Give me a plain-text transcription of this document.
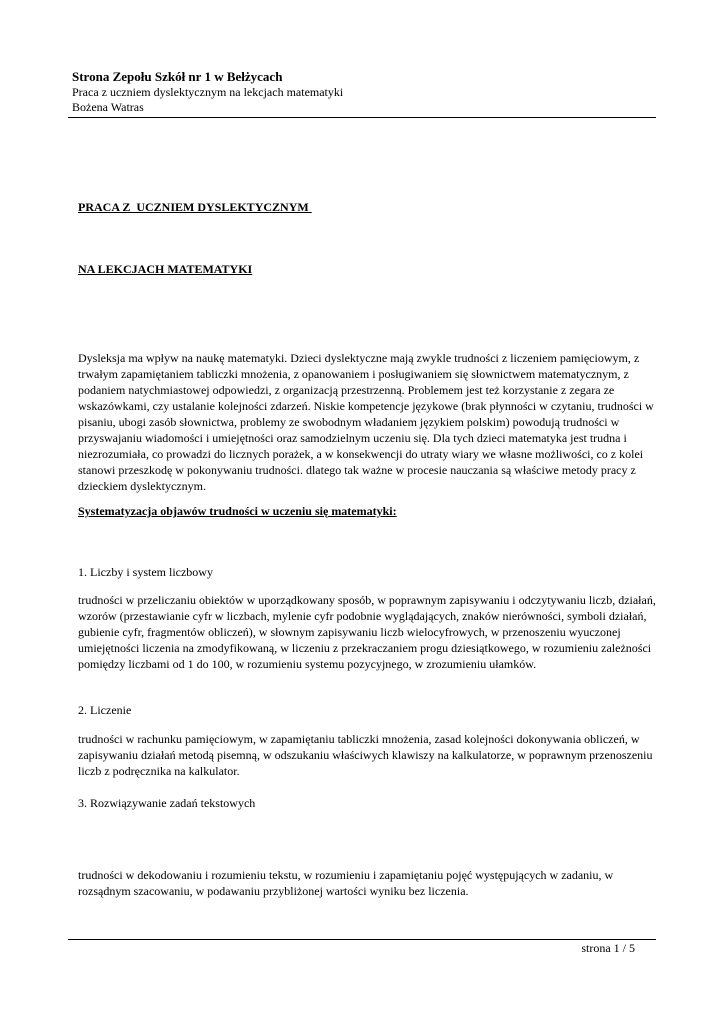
Strona Zepołu Szkół nr 1 w Bełżycach
Praca z uczniem dyslektycznym na lekcjach matematyki
Bożena Watras
PRACA Z  UCZNIEM DYSLEKTYCZNYM
NA LEKCJACH MATEMATYKI
Dysleksja ma wpływ na naukę matematyki. Dzieci dyslektyczne mają zwykle trudności z liczeniem pamięciowym, z trwałym zapamiętaniem tabliczki mnożenia, z opanowaniem i posługiwaniem się słownictwem matematycznym, z podaniem natychmiastowej odpowiedzi, z organizacją przestrzenną. Problemem jest też korzystanie z zegara ze wskazówkami, czy ustalanie kolejności zdarzeń. Niskie kompetencje językowe (brak płynności w czytaniu, trudności w pisaniu, ubogi zasób słownictwa, problemy ze swobodnym władaniem językiem polskim) powodują trudności w przyswajaniu wiadomości i umiejętności oraz samodzielnym uczeniu się. Dla tych dzieci matematyka jest trudna i niezrozumiała, co prowadzi do licznych porażek, a w konsekwencji do utraty wiary we własne możliwości, co z kolei stanowi przeszkodę w pokonywaniu trudności. dlatego tak ważne w procesie nauczania są właściwe metody pracy z dzieckiem dyslektycznym.
Systematyzacja objawów trudności w uczeniu się matematyki:
1. Liczby i system liczbowy
trudności w przeliczaniu obiektów w uporządkowany sposób, w poprawnym zapisywaniu i odczytywaniu liczb, działań, wzorów (przestawianie cyfr w liczbach, mylenie cyfr podobnie wyglądających, znaków nierówności, symboli działań, gubienie cyfr, fragmentów obliczeń), w słownym zapisywaniu liczb wielocyfrowych, w przenoszeniu wyuczonej umiejętności liczenia na zmodyfikowaną, w liczeniu z przekraczaniem progu dziesiątkowego, w rozumieniu zależności pomiędzy liczbami od 1 do 100, w rozumieniu systemu pozycyjnego, w zrozumieniu ułamków.
2. Liczenie
trudności w rachunku pamięciowym, w zapamiętaniu tabliczki mnożenia, zasad kolejności dokonywania obliczeń, w zapisywaniu działań metodą pisemną, w odszukaniu właściwych klawiszy na kalkulatorze, w poprawnym przenoszeniu liczb z podręcznika na kalkulator.
3. Rozwiązywanie zadań tekstowych
trudności w dekodowaniu i rozumieniu tekstu, w rozumieniu i zapamiętaniu pojęć występujących w zadaniu, w rozsądnym szacowaniu, w podawaniu przybliżonej wartości wyniku bez liczenia.
strona 1 / 5
